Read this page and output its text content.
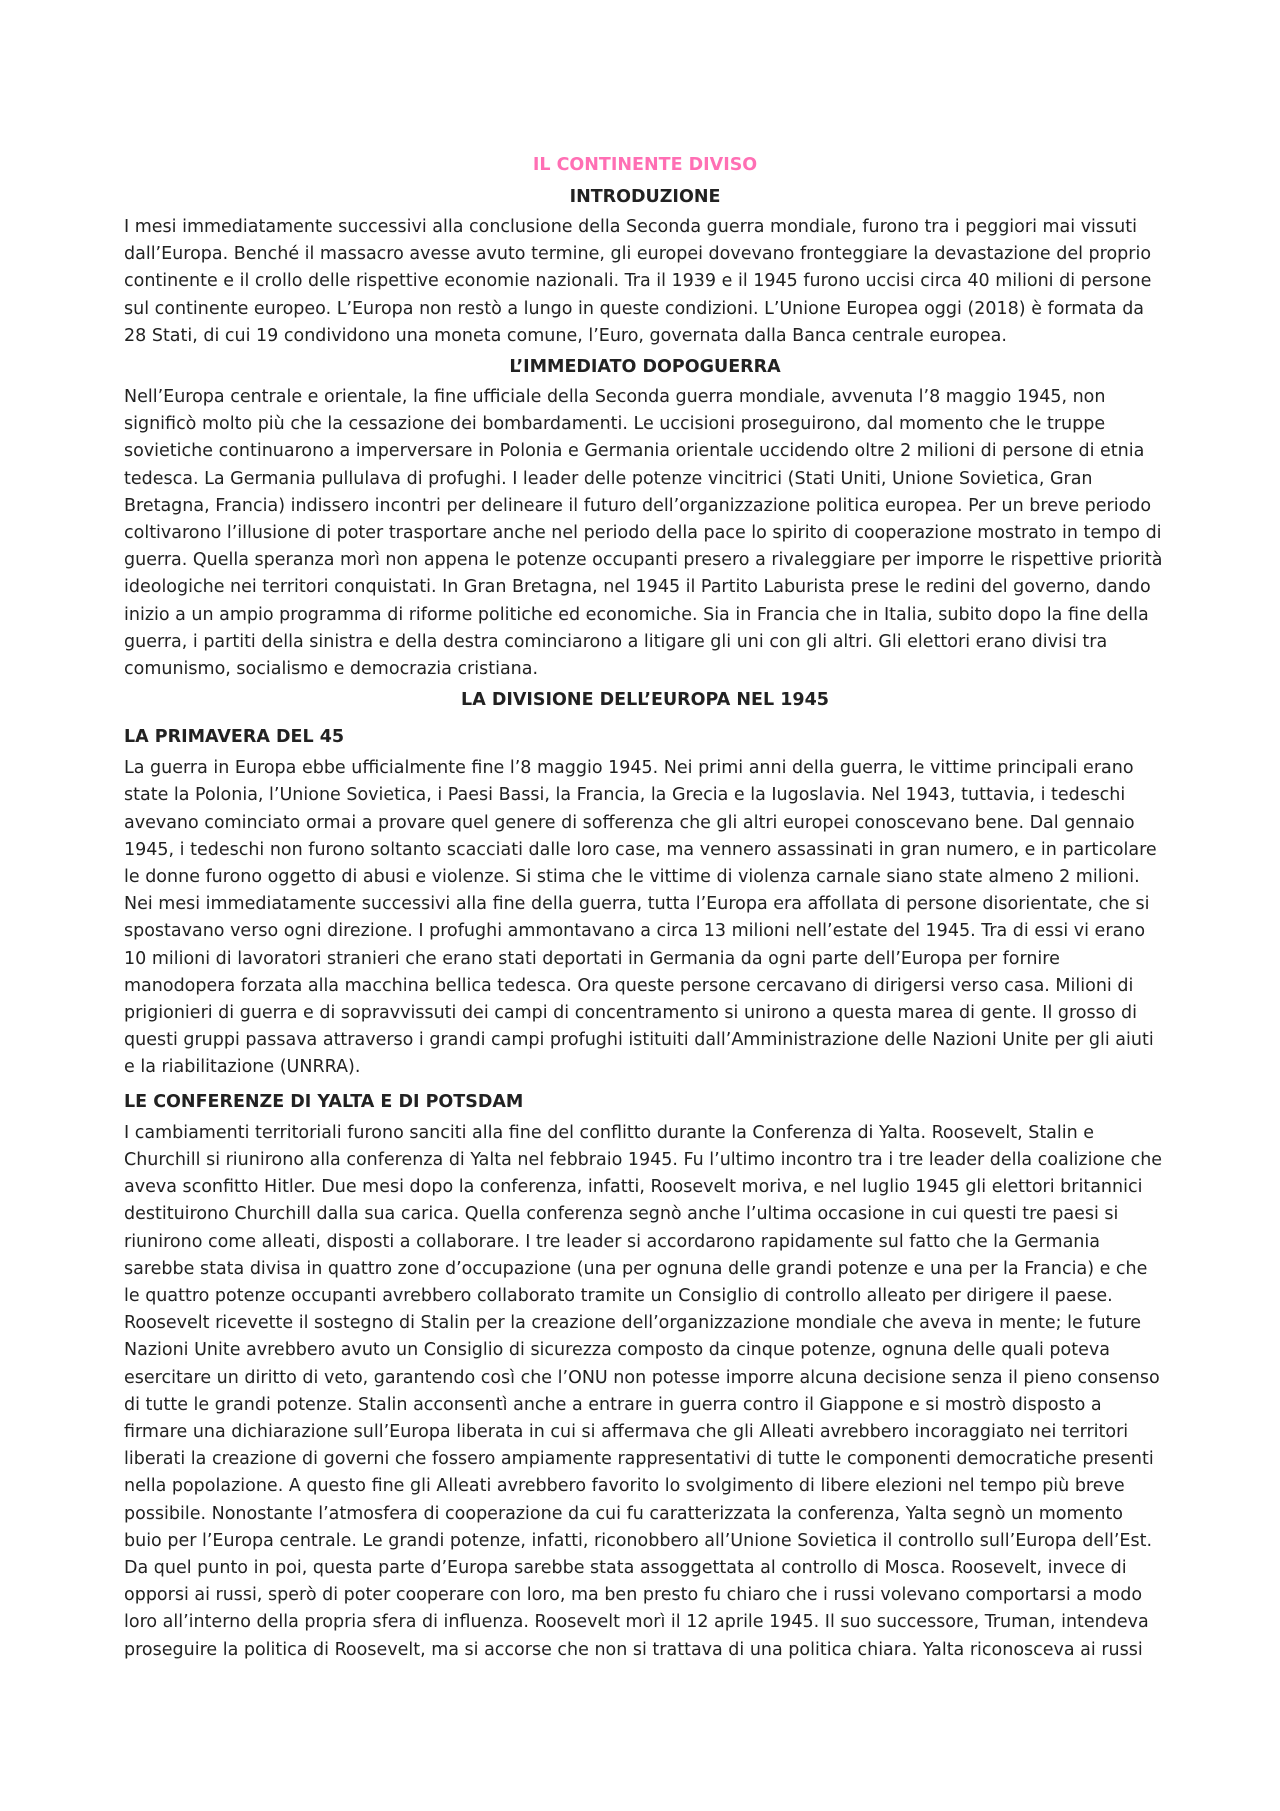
IL CONTINENTE DIVISO
INTRODUZIONE

I mesi immediatamente successivi alla conclusione della Seconda guerra mondiale, furono tra i peggiori mai vissuti dall’Europa. Benché il massacro avesse avuto termine, gli europei dovevano fronteggiare la devastazione del proprio continente e il crollo delle rispettive economie nazionali. Tra il 1939 e il 1945 furono uccisi circa 40 milioni di persone sul continente europeo. L’Europa non restò a lungo in queste condizioni. L’Unione Europea oggi (2018) è formata da 28 Stati, di cui 19 condividono una moneta comune, l’Euro, governata dalla Banca centrale europea.

L’IMMEDIATO DOPOGUERRA

Nell’Europa centrale e orientale, la fine ufficiale della Seconda guerra mondiale, avvenuta l’8 maggio 1945, non significò molto più che la cessazione dei bombardamenti. Le uccisioni proseguirono, dal momento che le truppe sovietiche continuarono a imperversare in Polonia e Germania orientale uccidendo oltre 2 milioni di persone di etnia tedesca. La Germania pullulava di profughi. I leader delle potenze vincitrici (Stati Uniti, Unione Sovietica, Gran Bretagna, Francia) indissero incontri per delineare il futuro dell’organizzazione politica europea. Per un breve periodo coltivarono l’illusione di poter trasportare anche nel periodo della pace lo spirito di cooperazione mostrato in tempo di guerra. Quella speranza morì non appena le potenze occupanti presero a rivaleggiare per imporre le rispettive priorità ideologiche nei territori conquistati. In Gran Bretagna, nel 1945 il Partito Laburista prese le redini del governo, dando inizio a un ampio programma di riforme politiche ed economiche. Sia in Francia che in Italia, subito dopo la fine della guerra, i partiti della sinistra e della destra cominciarono a litigare gli uni con gli altri. Gli elettori erano divisi tra comunismo, socialismo e democrazia cristiana.

LA DIVISIONE DELL’EUROPA NEL 1945
LA PRIMAVERA DEL 45

La guerra in Europa ebbe ufficialmente fine l’8 maggio 1945. Nei primi anni della guerra, le vittime principali erano state la Polonia, l’Unione Sovietica, i Paesi Bassi, la Francia, la Grecia e la Iugoslavia. Nel 1943, tuttavia, i tedeschi avevano cominciato ormai a provare quel genere di sofferenza che gli altri europei conoscevano bene. Dal gennaio 1945, i tedeschi non furono soltanto scacciati dalle loro case, ma vennero assassinati in gran numero, e in particolare le donne furono oggetto di abusi e violenze. Si stima che le vittime di violenza carnale siano state almeno 2 milioni. Nei mesi immediatamente successivi alla fine della guerra, tutta l’Europa era affollata di persone disorientate, che si spostavano verso ogni direzione. I profughi ammontavano a circa 13 milioni nell’estate del 1945. Tra di essi vi erano 10 milioni di lavoratori stranieri che erano stati deportati in Germania da ogni parte dell’Europa per fornire manodopera forzata alla macchina bellica tedesca. Ora queste persone cercavano di dirigersi verso casa. Milioni di prigionieri di guerra e di sopravvissuti dei campi di concentramento si unirono a questa marea di gente. Il grosso di questi gruppi passava attraverso i grandi campi profughi istituiti dall’Amministrazione delle Nazioni Unite per gli aiuti e la riabilitazione (UNRRA).

LE CONFERENZE DI YALTA E DI POTSDAM

I cambiamenti territoriali furono sanciti alla fine del conflitto durante la Conferenza di Yalta. Roosevelt, Stalin e Churchill si riunirono alla conferenza di Yalta nel febbraio 1945. Fu l’ultimo incontro tra i tre leader della coalizione che aveva sconfitto Hitler. Due mesi dopo la conferenza, infatti, Roosevelt moriva, e nel luglio 1945 gli elettori britannici destituirono Churchill dalla sua carica. Quella conferenza segnò anche l’ultima occasione in cui questi tre paesi si riunirono come alleati, disposti a collaborare. I tre leader si accordarono rapidamente sul fatto che la Germania sarebbe stata divisa in quattro zone d’occupazione (una per ognuna delle grandi potenze e una per la Francia) e che le quattro potenze occupanti avrebbero collaborato tramite un Consiglio di controllo alleato per dirigere il paese. Roosevelt ricevette il sostegno di Stalin per la creazione dell’organizzazione mondiale che aveva in mente; le future Nazioni Unite avrebbero avuto un Consiglio di sicurezza composto da cinque potenze, ognuna delle quali poteva esercitare un diritto di veto, garantendo così che l’ONU non potesse imporre alcuna decisione senza il pieno consenso di tutte le grandi potenze. Stalin acconsentì anche a entrare in guerra contro il Giappone e si mostrò disposto a firmare una dichiarazione sull’Europa liberata in cui si affermava che gli Alleati avrebbero incoraggiato nei territori liberati la creazione di governi che fossero ampiamente rappresentativi di tutte le componenti democratiche presenti nella popolazione. A questo fine gli Alleati avrebbero favorito lo svolgimento di libere elezioni nel tempo più breve possibile. Nonostante l’atmosfera di cooperazione da cui fu caratterizzata la conferenza, Yalta segnò un momento buio per l’Europa centrale. Le grandi potenze, infatti, riconobbero all’Unione Sovietica il controllo sull’Europa dell’Est. Da quel punto in poi, questa parte d’Europa sarebbe stata assoggettata al controllo di Mosca. Roosevelt, invece di opporsi ai russi, sperò di poter cooperare con loro, ma ben presto fu chiaro che i russi volevano comportarsi a modo loro all’interno della propria sfera di influenza. Roosevelt morì il 12 aprile 1945. Il suo successore, Truman, intendeva proseguire la politica di Roosevelt, ma si accorse che non si trattava di una politica chiara. Yalta riconosceva ai russi
